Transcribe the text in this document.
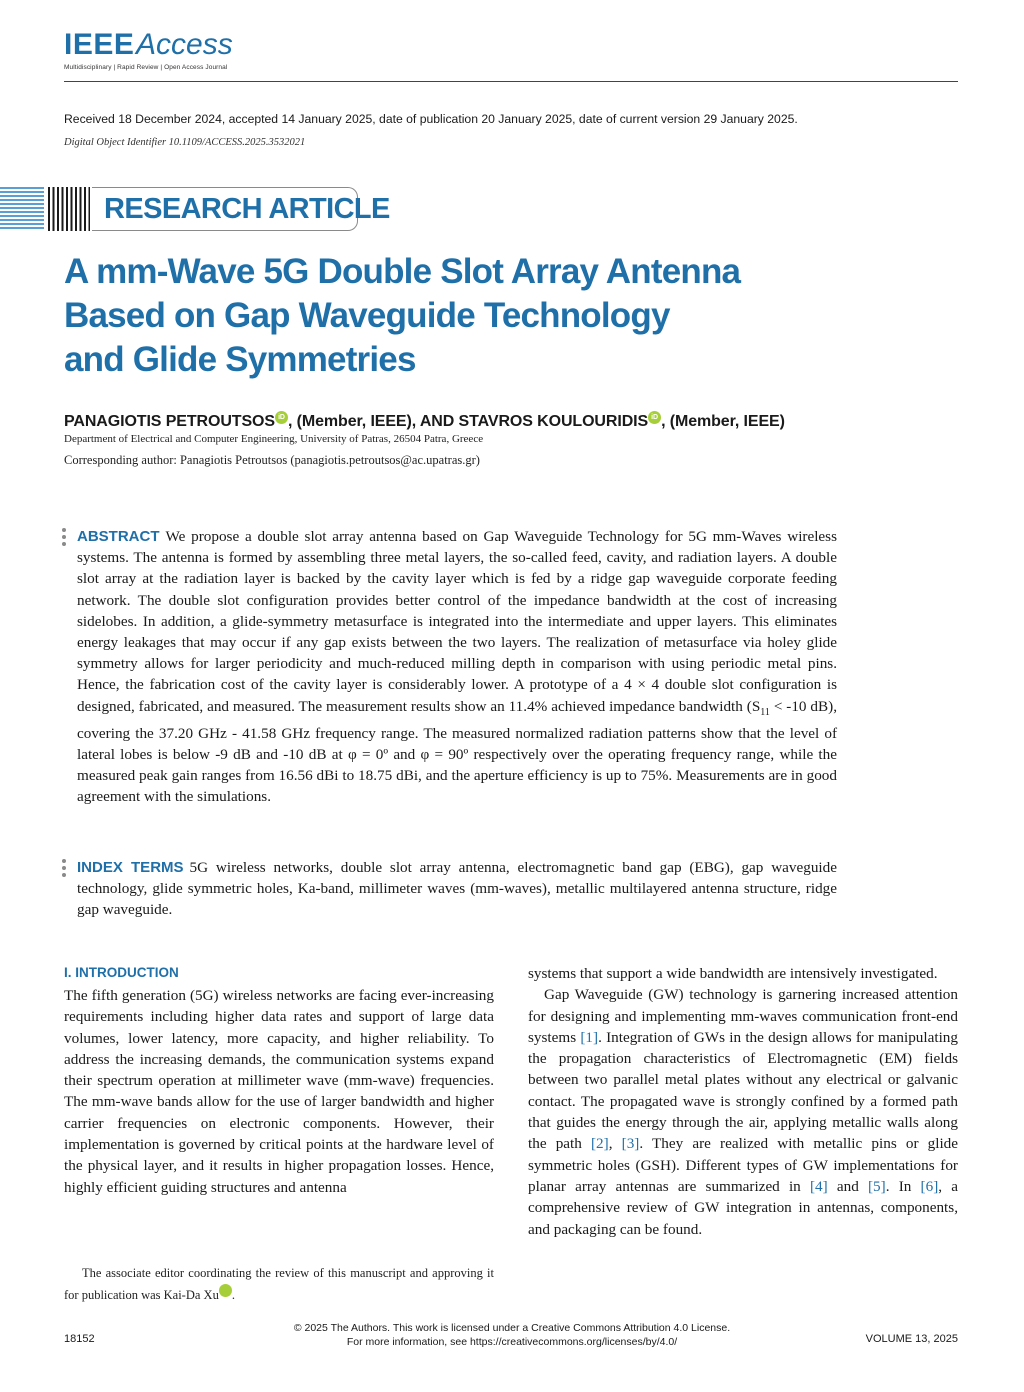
IEEE Access
Multidisciplinary | Rapid Review | Open Access Journal
Received 18 December 2024, accepted 14 January 2025, date of publication 20 January 2025, date of current version 29 January 2025.
Digital Object Identifier 10.1109/ACCESS.2025.3532021
RESEARCH ARTICLE
A mm-Wave 5G Double Slot Array Antenna
Based on Gap Waveguide Technology
and Glide Symmetries
PANAGIOTIS PETROUTSOS iD , (Member, IEEE), AND STAVROS KOULOURIDIS iD , (Member, IEEE)
Department of Electrical and Computer Engineering, University of Patras, 26504 Patra, Greece
Corresponding author: Panagiotis Petroutsos (panagiotis.petroutsos@ac.upatras.gr)
ABSTRACT We propose a double slot array antenna based on Gap Waveguide Technology for 5G mm-Waves wireless systems. The antenna is formed by assembling three metal layers, the so-called feed, cavity, and radiation layers. A double slot array at the radiation layer is backed by the cavity layer which is fed by a ridge gap waveguide corporate feeding network. The double slot configuration provides better control of the impedance bandwidth at the cost of increasing sidelobes. In addition, a glide-symmetry metasurface is integrated into the intermediate and upper layers. This eliminates energy leakages that may occur if any gap exists between the two layers. The realization of metasurface via holey glide symmetry allows for larger periodicity and much-reduced milling depth in comparison with using periodic metal pins. Hence, the fabrication cost of the cavity layer is considerably lower. A prototype of a 4 × 4 double slot configuration is designed, fabricated, and measured. The measurement results show an 11.4% achieved impedance bandwidth ($S_{11} < -10$ dB), covering the 37.20 GHz - 41.58 GHz frequency range. The measured normalized radiation patterns show that the level of lateral lobes is below -9 dB and -10 dB at φ = 0º and φ = 90º respectively over the operating frequency range, while the measured peak gain ranges from 16.56 dBi to 18.75 dBi, and the aperture efficiency is up to 75%. Measurements are in good agreement with the simulations.
INDEX TERMS 5G wireless networks, double slot array antenna, electromagnetic band gap (EBG), gap waveguide technology, glide symmetric holes, Ka-band, millimeter waves (mm-waves), metallic multilayered antenna structure, ridge gap waveguide.
I. INTRODUCTION

The fifth generation (5G) wireless networks are facing ever-increasing requirements including higher data rates and support of large data volumes, lower latency, more capacity, and higher reliability. To address the increasing demands, the communication systems expand their spectrum operation at millimeter wave (mm-wave) frequencies. The mm-wave bands allow for the use of larger bandwidth and higher carrier frequencies on electronic components. However, their implementation is governed by critical points at the hardware level of the physical layer, and it results in higher propagation losses. Hence, highly efficient guiding structures and antenna

The associate editor coordinating the review of this manuscript and approving it for publication was Kai-Da Xu	iD.

systems that support a wide bandwidth are intensively investigated.

Gap Waveguide (GW) technology is garnering increased attention for designing and implementing mm-waves communication front-end systems [1]. Integration of GWs in the design allows for manipulating the propagation characteristics of Electromagnetic (EM) fields between two parallel metal plates without any electrical or galvanic contact. The propagated wave is strongly confined by a formed path that guides the energy through the air, applying metallic walls along the path [2], [3]. They are realized with metallic pins or glide symmetric holes (GSH). Different types of GW implementations for planar array antennas are summarized in [4] and [5]. In [6], a comprehensive review of GW integration in antennas, components, and packaging can be found.

© 2025 The Authors. This work is licensed under a Creative Commons Attribution 4.0 License.
For more information, see https://creativecommons.org/licenses/by/4.0/
18152	VOLUME 13, 2025
